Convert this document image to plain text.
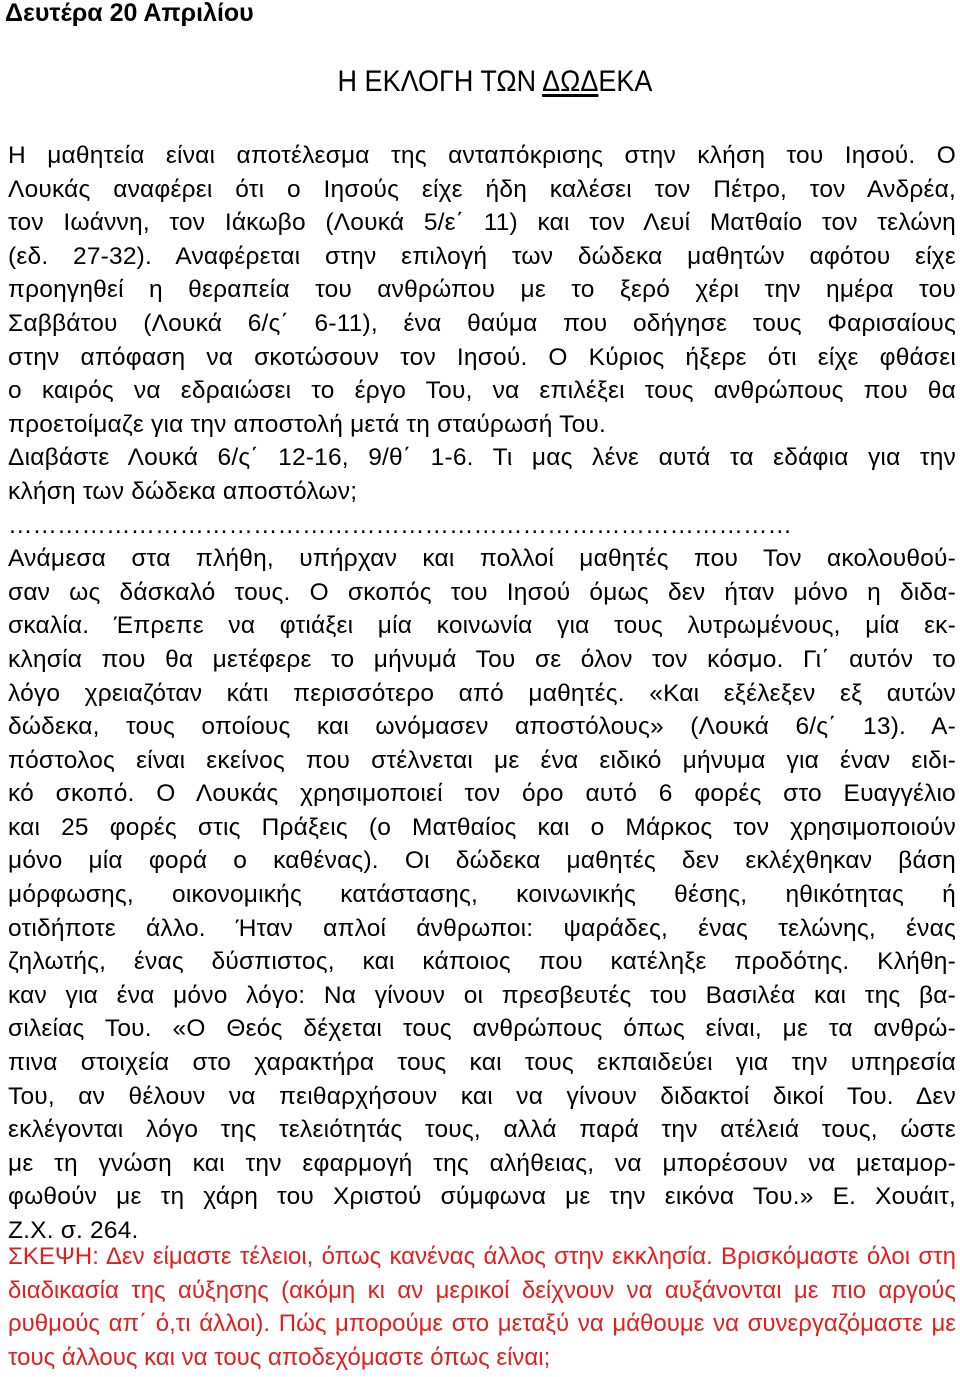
Δευτέρα 20 Απριλίου
Η ΕΚΛΟΓΗ ΤΩΝ ΔΩΔΕΚΑ
Η μαθητεία είναι αποτέλεσμα της ανταπόκρισης στην κλήση του Ιησού. Ο
Λουκάς αναφέρει ότι ο Ιησούς είχε ήδη καλέσει τον Πέτρο, τον Ανδρέα,
τον Ιωάννη, τον Ιάκωβο (Λουκά 5/ε΄ 11) και τον Λευί Ματθαίο τον τελώνη
(εδ. 27-32). Αναφέρεται στην επιλογή των δώδεκα μαθητών αφότου είχε
προηγηθεί η θεραπεία του ανθρώπου με το ξερό χέρι την ημέρα του
Σαββάτου (Λουκά 6/ς΄ 6-11), ένα θαύμα που οδήγησε τους Φαρισαίους
στην απόφαση να σκοτώσουν τον Ιησού. Ο Κύριος ήξερε ότι είχε φθάσει
ο καιρός να εδραιώσει το έργο Του, να επιλέξει τους ανθρώπους που θα
προετοίμαζε για την αποστολή μετά τη σταύρωσή Του.
Διαβάστε Λουκά 6/ς΄ 12-16, 9/θ΄ 1-6. Τι μας λένε αυτά τα εδάφια για την
κλήση των δώδεκα αποστόλων;
……………………………………………………………………………………
Ανάμεσα στα πλήθη, υπήρχαν και πολλοί μαθητές που Τον ακολουθού-
σαν ως δάσκαλό τους. Ο σκοπός του Ιησού όμως δεν ήταν μόνο η διδα-
σκαλία. Έπρεπε να φτιάξει μία κοινωνία για τους λυτρωμένους, μία εκ-
κλησία που θα μετέφερε το μήνυμά Του σε όλον τον κόσμο. Γι΄ αυτόν το
λόγο χρειαζόταν κάτι περισσότερο από μαθητές. «Και εξέλεξεν εξ αυτών
δώδεκα, τους οποίους και ωνόμασεν αποστόλους» (Λουκά 6/ς΄ 13). Α-
πόστολος είναι εκείνος που στέλνεται με ένα ειδικό μήνυμα για έναν ειδι-
κό σκοπό. Ο Λουκάς χρησιμοποιεί τον όρο αυτό 6 φορές στο Ευαγγέλιο
και 25 φορές στις Πράξεις (ο Ματθαίος και ο Μάρκος τον χρησιμοποιούν
μόνο μία φορά ο καθένας). Οι δώδεκα μαθητές δεν εκλέχθηκαν βάση
μόρφωσης, οικονομικής κατάστασης, κοινωνικής θέσης, ηθικότητας ή
οτιδήποτε άλλο. Ήταν απλοί άνθρωποι: ψαράδες, ένας τελώνης, ένας
ζηλωτής, ένας δύσπιστος, και κάποιος που κατέληξε προδότης. Κλήθη-
καν για ένα μόνο λόγο: Να γίνουν οι πρεσβευτές του Βασιλέα και της βα-
σιλείας Του. «Ο Θεός δέχεται τους ανθρώπους όπως είναι, με τα ανθρώ-
πινα στοιχεία στο χαρακτήρα τους και τους εκπαιδεύει για την υπηρεσία
Του, αν θέλουν να πειθαρχήσουν και να γίνουν διδακτοί δικοί Του. Δεν
εκλέγονται λόγο της τελειότητάς τους, αλλά παρά την ατέλειά τους, ώστε
με τη γνώση και την εφαρμογή της αλήθειας, να μπορέσουν να μεταμορ-
φωθούν με τη χάρη του Χριστού σύμφωνα με την εικόνα Του.» Ε. Χουάιτ,
Ζ.Χ. σ. 264.
ΣΚΕΨΗ: Δεν είμαστε τέλειοι, όπως κανένας άλλος στην εκκλησία. Βρισκόμαστε όλοι στη
διαδικασία της αύξησης (ακόμη κι αν μερικοί δείχνουν να αυξάνονται με πιο αργούς
ρυθμούς απ΄ ό,τι άλλοι). Πώς μπορούμε στο μεταξύ να μάθουμε να συνεργαζόμαστε με
τους άλλους και να τους αποδεχόμαστε όπως είναι;
